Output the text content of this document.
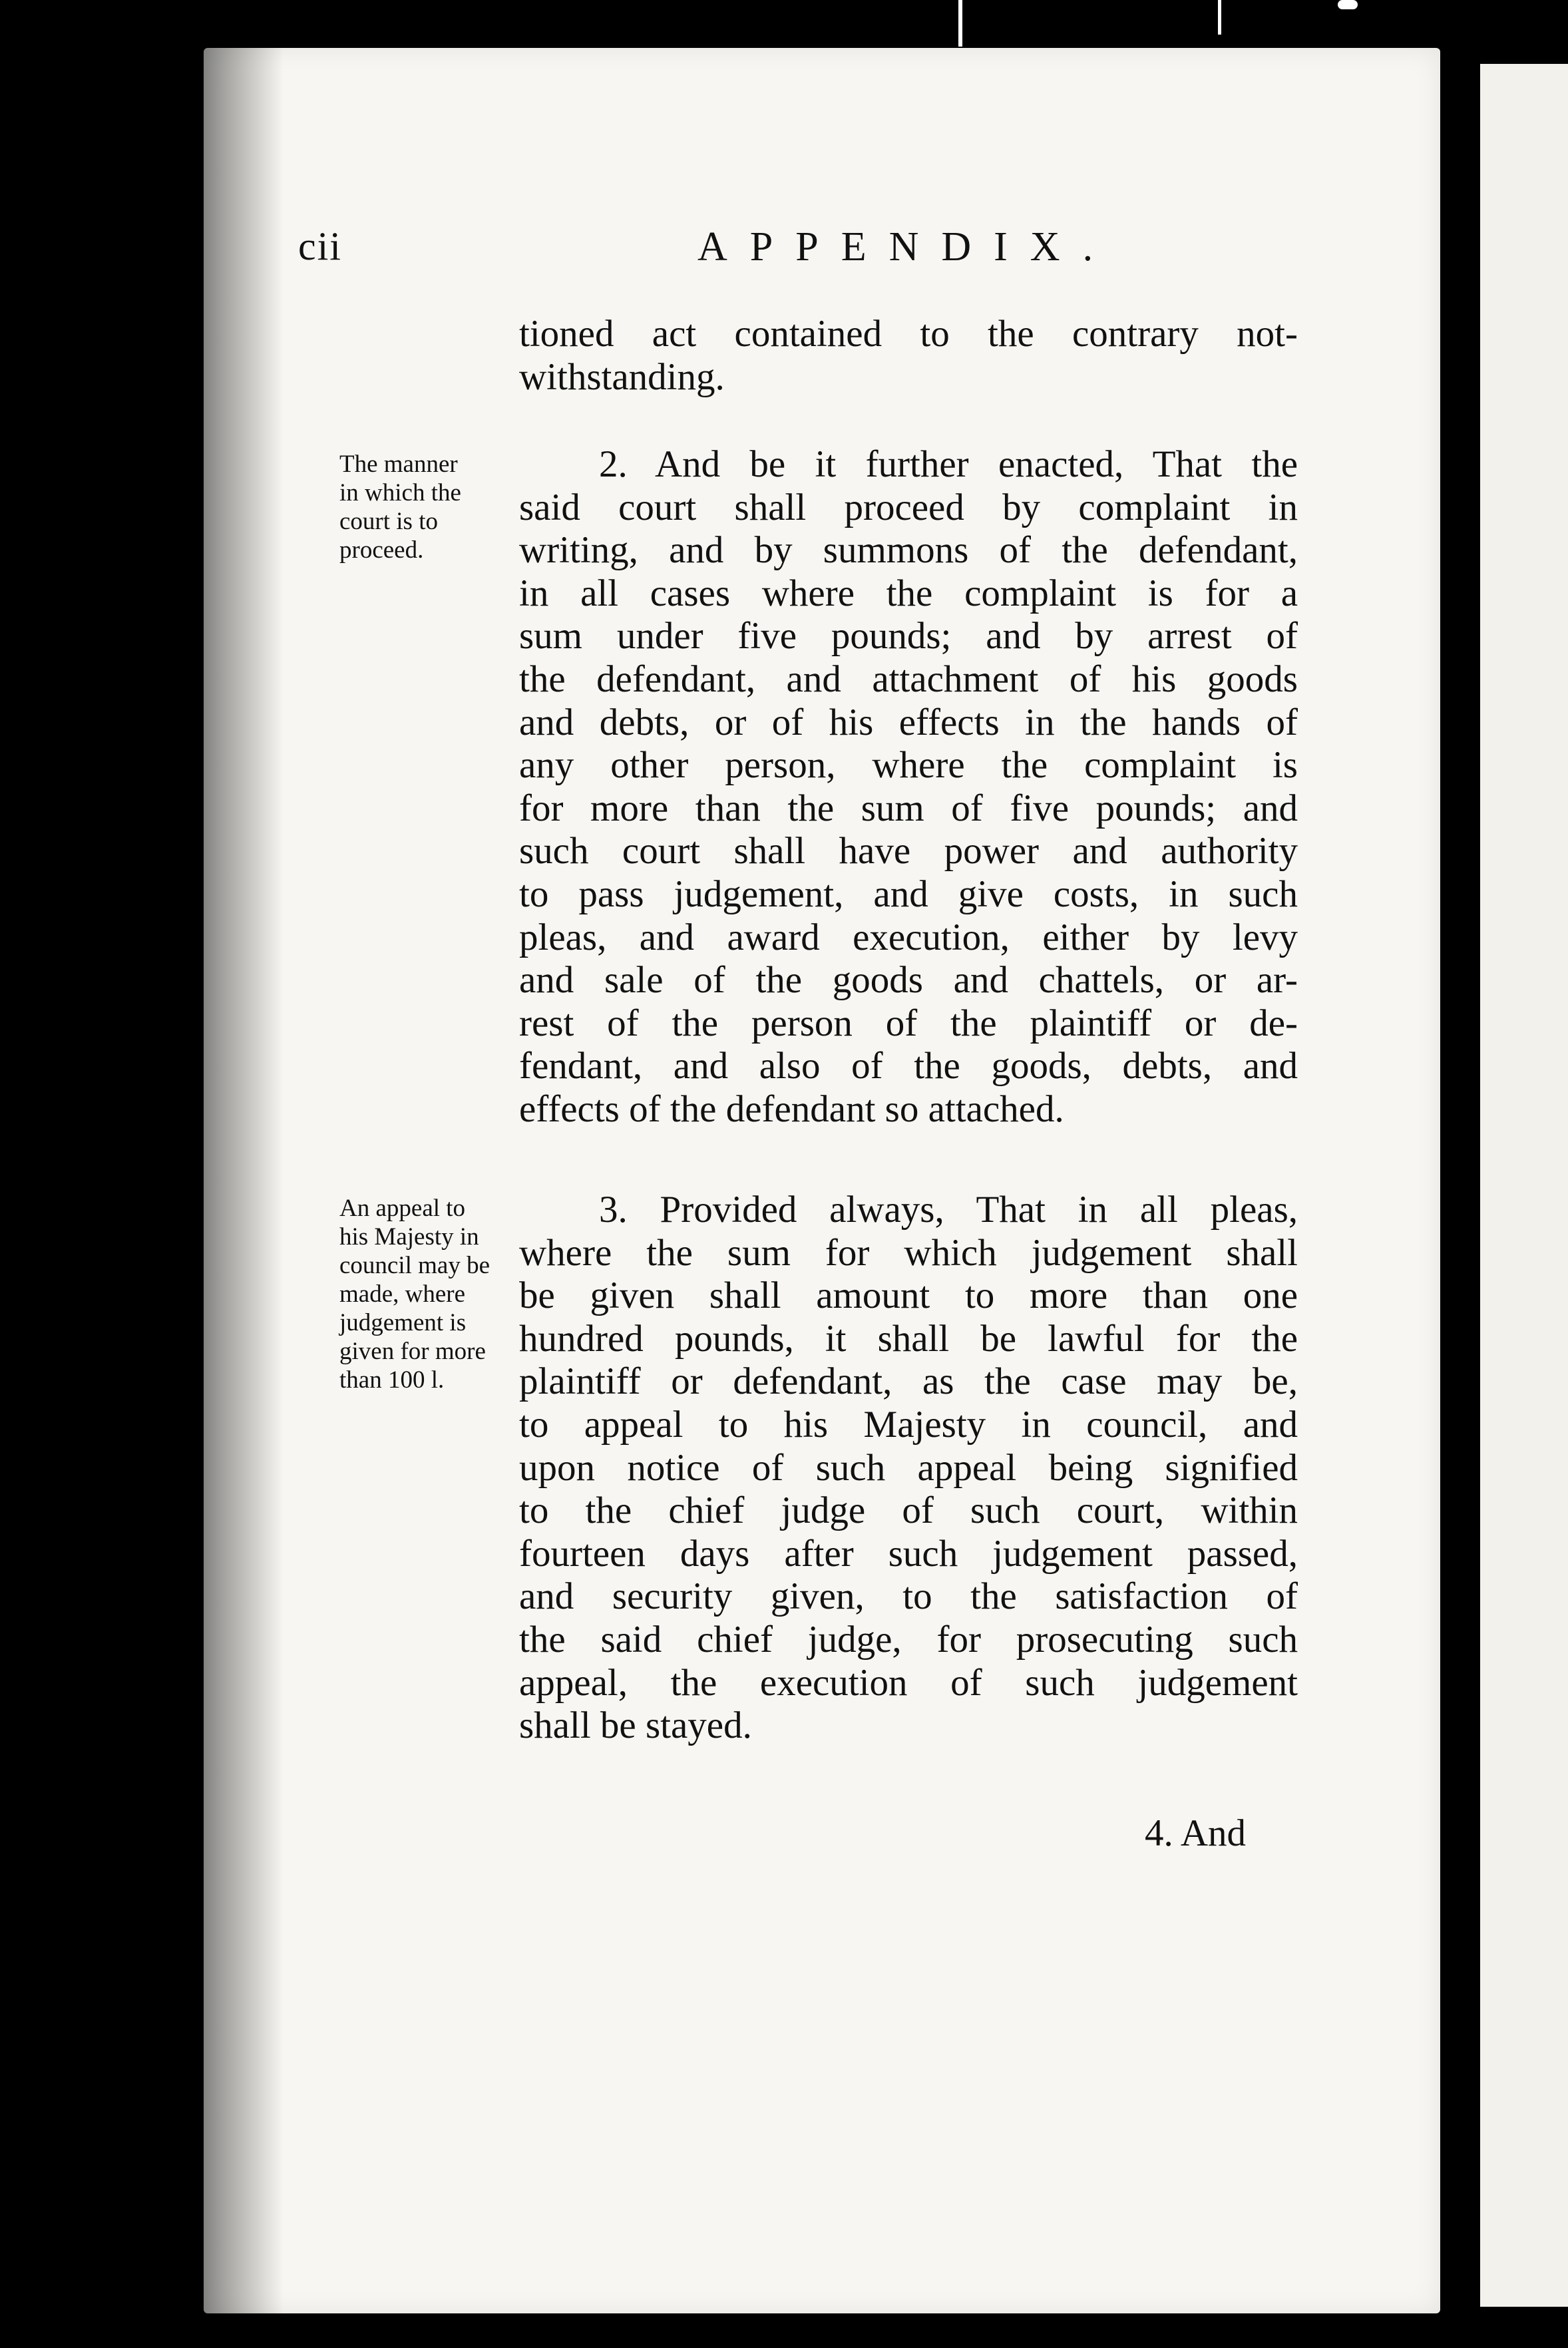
cii	APPENDIX.
tioned act contained to the contrary not-
withstanding.
The manner
in which the
court is to
proceed.
2. And be it further enacted, That the
said court shall proceed by complaint in
writing, and by summons of the defendant,
in all cases where the complaint is for a
sum under five pounds; and by arrest of
the defendant, and attachment of his goods
and debts, or of his effects in the hands of
any other person, where the complaint is
for more than the sum of five pounds; and
such court shall have power and authority
to pass judgement, and give costs, in such
pleas, and award execution, either by levy
and sale of the goods and chattels, or ar-
rest of the person of the plaintiff or de-
fendant, and also of the goods, debts, and
effects of the defendant so attached.
An appeal to
his Majesty in
council may be
made, where
judgement is
given for more
than 100 l.
3. Provided always, That in all pleas,
where the sum for which judgement shall
be given shall amount to more than one
hundred pounds, it shall be lawful for the
plaintiff or defendant, as the case may be,
to appeal to his Majesty in council, and
upon notice of such appeal being signified
to the chief judge of such court, within
fourteen days after such judgement passed,
and security given, to the satisfaction of
the said chief judge, for prosecuting such
appeal, the execution of such judgement
shall be stayed.
4. And
